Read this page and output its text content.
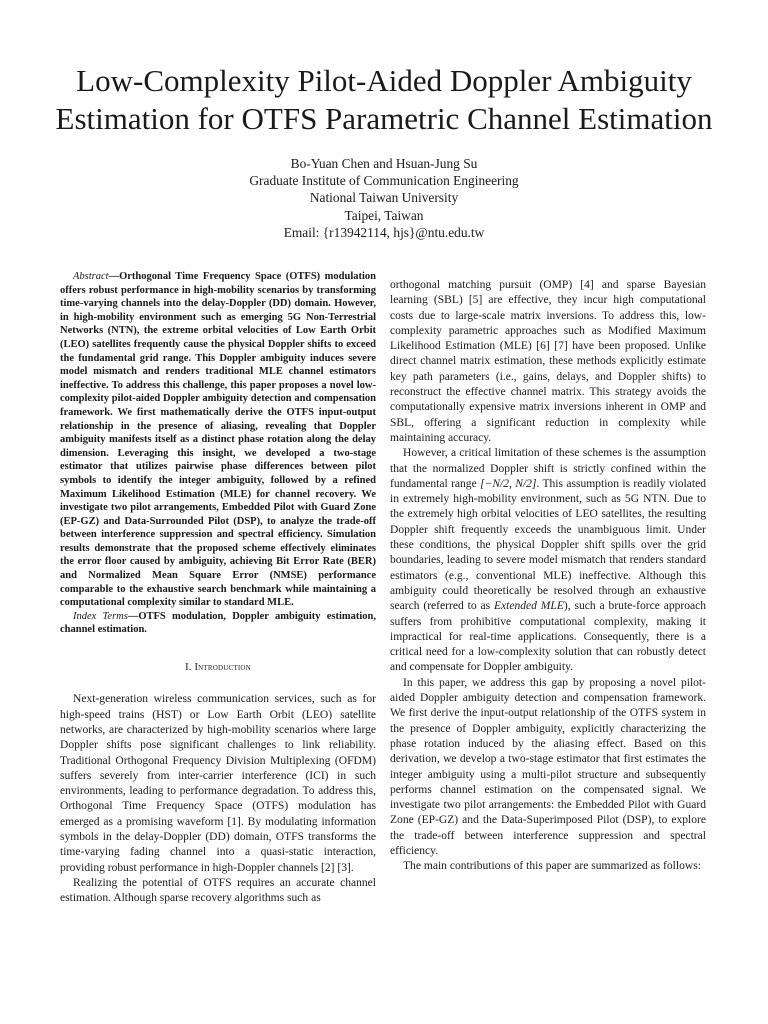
Low-Complexity Pilot-Aided Doppler Ambiguity Estimation for OTFS Parametric Channel Estimation
Bo-Yuan Chen and Hsuan-Jung Su
Graduate Institute of Communication Engineering
National Taiwan University
Taipei, Taiwan
Email: {r13942114, hjs}@ntu.edu.tw

Abstract—Orthogonal Time Frequency Space (OTFS) modulation offers robust performance in high-mobility scenarios by transforming time-varying channels into the delay-Doppler (DD) domain. However, in high-mobility environment such as emerging 5G Non-Terrestrial Networks (NTN), the extreme orbital velocities of Low Earth Orbit (LEO) satellites frequently cause the physical Doppler shifts to exceed the fundamental grid range. This Doppler ambiguity induces severe model mismatch and renders traditional MLE channel estimators ineffective. To address this challenge, this paper proposes a novel low-complexity pilot-aided Doppler ambiguity detection and compensation framework. We first mathematically derive the OTFS input-output relationship in the presence of aliasing, revealing that Doppler ambiguity manifests itself as a distinct phase rotation along the delay dimension. Leveraging this insight, we developed a two-stage estimator that utilizes pairwise phase differences between pilot symbols to identify the integer ambiguity, followed by a refined Maximum Likelihood Estimation (MLE) for channel recovery. We investigate two pilot arrangements, Embedded Pilot with Guard Zone (EP-GZ) and Data-Surrounded Pilot (DSP), to analyze the trade-off between interference suppression and spectral efficiency. Simulation results demonstrate that the proposed scheme effectively eliminates the error floor caused by ambiguity, achieving Bit Error Rate (BER) and Normalized Mean Square Error (NMSE) performance comparable to the exhaustive search benchmark while maintaining a computational complexity similar to standard MLE.

Index Terms—OTFS modulation, Doppler ambiguity estimation, channel estimation.

I. Introduction

Next-generation wireless communication services, such as for high-speed trains (HST) or Low Earth Orbit (LEO) satellite networks, are characterized by high-mobility scenarios where large Doppler shifts pose significant challenges to link reliability. Traditional Orthogonal Frequency Division Multiplexing (OFDM) suffers severely from inter-carrier interference (ICI) in such environments, leading to performance degradation. To address this, Orthogonal Time Frequency Space (OTFS) modulation has emerged as a promising waveform [1]. By modulating information symbols in the delay-Doppler (DD) domain, OTFS transforms the time-varying fading channel into a quasi-static interaction, providing robust performance in high-Doppler channels [2] [3].

Realizing the potential of OTFS requires an accurate channel estimation. Although sparse recovery algorithms such as

orthogonal matching pursuit (OMP) [4] and sparse Bayesian learning (SBL) [5] are effective, they incur high computational costs due to large-scale matrix inversions. To address this, low-complexity parametric approaches such as Modified Maximum Likelihood Estimation (MLE) [6] [7] have been proposed. Unlike direct channel matrix estimation, these methods explicitly estimate key path parameters (i.e., gains, delays, and Doppler shifts) to reconstruct the effective channel matrix. This strategy avoids the computationally expensive matrix inversions inherent in OMP and SBL, offering a significant reduction in complexity while maintaining accuracy.

However, a critical limitation of these schemes is the assumption that the normalized Doppler shift is strictly confined within the fundamental range [−N/2, N/2]. This assumption is readily violated in extremely high-mobility environment, such as 5G NTN. Due to the extremely high orbital velocities of LEO satellites, the resulting Doppler shift frequently exceeds the unambiguous limit. Under these conditions, the physical Doppler shift spills over the grid boundaries, leading to severe model mismatch that renders standard estimators (e.g., conventional MLE) ineffective. Although this ambiguity could theoretically be resolved through an exhaustive search (referred to as Extended MLE), such a brute-force approach suffers from prohibitive computational complexity, making it impractical for real-time applications. Consequently, there is a critical need for a low-complexity solution that can robustly detect and compensate for Doppler ambiguity.

In this paper, we address this gap by proposing a novel pilot-aided Doppler ambiguity detection and compensation framework. We first derive the input-output relationship of the OTFS system in the presence of Doppler ambiguity, explicitly characterizing the phase rotation induced by the aliasing effect. Based on this derivation, we develop a two-stage estimator that first estimates the integer ambiguity using a multi-pilot structure and subsequently performs channel estimation on the compensated signal. We investigate two pilot arrangements: the Embedded Pilot with Guard Zone (EP-GZ) and the Data-Superimposed Pilot (DSP), to explore the trade-off between interference suppression and spectral efficiency.

The main contributions of this paper are summarized as follows:
